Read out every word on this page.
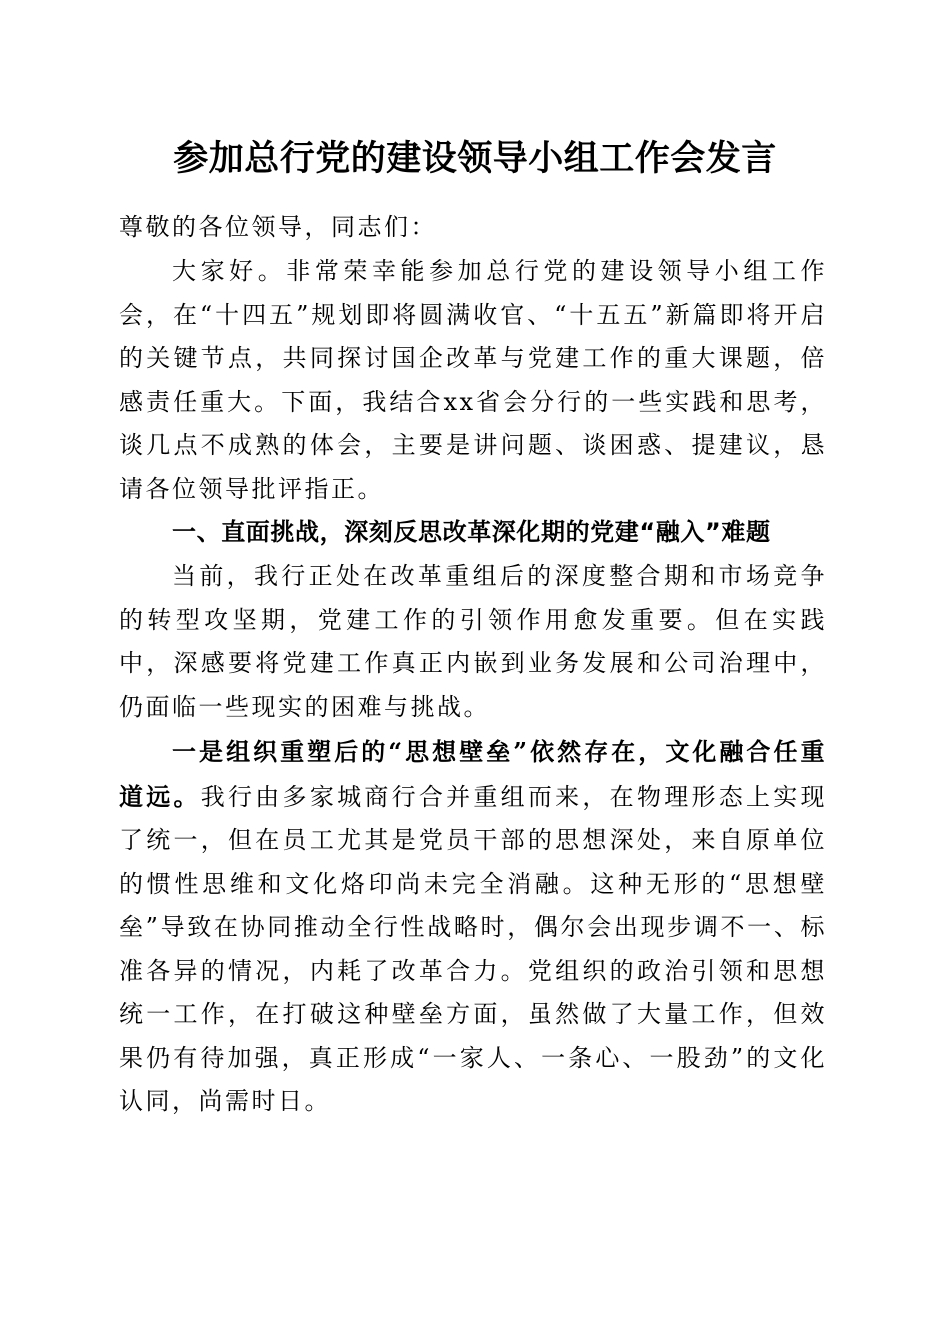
参加总行党的建设领导小组工作会发言

尊敬的各位领导，同志们：

大家好。非常荣幸能参加总行党的建设领导小组工作会，在“十四五”规划即将圆满收官、“十五五”新篇即将开启的关键节点，共同探讨国企改革与党建工作的重大课题，倍感责任重大。下面，我结合xx省会分行的一些实践和思考，谈几点不成熟的体会，主要是讲问题、谈困惑、提建议，恳请各位领导批评指正。

一、直面挑战，深刻反思改革深化期的党建“融入”难题

当前，我行正处在改革重组后的深度整合期和市场竞争的转型攻坚期，党建工作的引领作用愈发重要。但在实践中，深感要将党建工作真正内嵌到业务发展和公司治理中，仍面临一些现实的困难与挑战。

一是组织重塑后的“思想壁垒”依然存在，文化融合任重道远。我行由多家城商行合并重组而来，在物理形态上实现了统一，但在员工尤其是党员干部的思想深处，来自原单位的惯性思维和文化烙印尚未完全消融。这种无形的“思想壁垒”导致在协同推动全行性战略时，偶尔会出现步调不一、标准各异的情况，内耗了改革合力。党组织的政治引领和思想统一工作，在打破这种壁垒方面，虽然做了大量工作，但效果仍有待加强，真正形成“一家人、一条心、一股劲”的文化认同，尚需时日。
